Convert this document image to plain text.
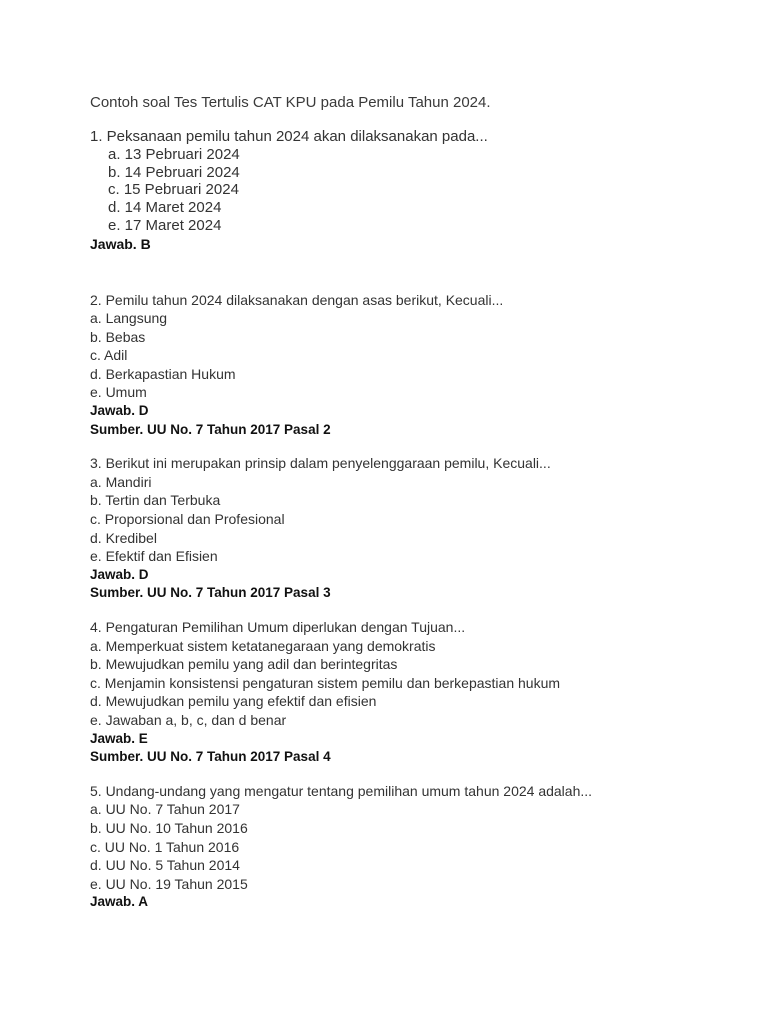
Contoh soal Tes Tertulis CAT KPU pada Pemilu Tahun 2024.

1. Peksanaan pemilu tahun 2024 akan dilaksanakan pada...
a. 13 Pebruari 2024
b. 14 Pebruari 2024
c. 15 Pebruari 2024
d. 14 Maret 2024
e. 17 Maret 2024
Jawab. B
2. Pemilu tahun 2024 dilaksanakan dengan asas berikut, Kecuali...
a. Langsung
b. Bebas
c. Adil
d. Berkapastian Hukum
e. Umum
Jawab. D
Sumber. UU No. 7 Tahun 2017 Pasal 2
3. Berikut ini merupakan prinsip dalam penyelenggaraan pemilu, Kecuali...
a. Mandiri
b. Tertin dan Terbuka
c. Proporsional dan Profesional
d. Kredibel
e. Efektif dan Efisien
Jawab. D
Sumber. UU No. 7 Tahun 2017 Pasal 3
4. Pengaturan Pemilihan Umum diperlukan dengan Tujuan...
a. Memperkuat sistem ketatanegaraan yang demokratis
b. Mewujudkan pemilu yang adil dan berintegritas
c. Menjamin konsistensi pengaturan sistem pemilu dan berkepastian hukum
d. Mewujudkan pemilu yang efektif dan efisien
e. Jawaban a, b, c, dan d benar
Jawab. E
Sumber. UU No. 7 Tahun 2017 Pasal 4
5. Undang-undang yang mengatur tentang pemilihan umum tahun 2024 adalah...
a. UU No. 7 Tahun 2017
b. UU No. 10 Tahun 2016
c. UU No. 1 Tahun 2016
d. UU No. 5 Tahun 2014
e. UU No. 19 Tahun 2015
Jawab. A
